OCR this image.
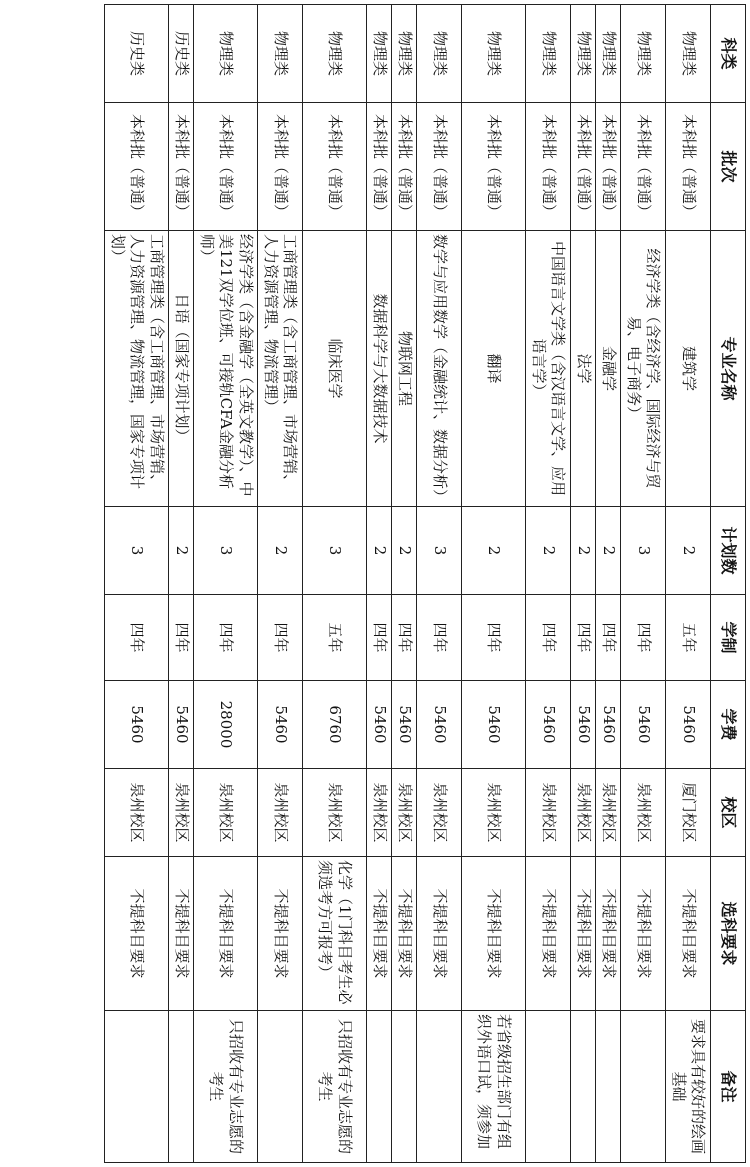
科类	批次	专业名称	计划数	学制	学费	校区	选科要求	备注
物理类	本科批（普通）	建筑学	2	五年	5460	厦门校区	不提科目要求	要求具有较好的绘画基础
物理类	本科批（普通）	经济学类（含经济学、国际经济与贸易、电子商务）	3	四年	5460	泉州校区	不提科目要求	
物理类	本科批（普通）	金融学	2	四年	5460	泉州校区	不提科目要求	
物理类	本科批（普通）	法学	2	四年	5460	泉州校区	不提科目要求	
物理类	本科批（普通）	中国语言文学类（含汉语言文学、应用语言学）	2	四年	5460	泉州校区	不提科目要求	
物理类	本科批（普通）	翻译	2	四年	5460	泉州校区	不提科目要求	若省级招生部门有组织外语口试，须参加
物理类	本科批（普通）	数学与应用数学（金融统计、数据分析）	3	四年	5460	泉州校区	不提科目要求	
物理类	本科批（普通）	物联网工程	2	四年	5460	泉州校区	不提科目要求	
物理类	本科批（普通）	数据科学与大数据技术	2	四年	5460	泉州校区	不提科目要求	
物理类	本科批（普通）	临床医学	3	五年	6760	泉州校区	化学（1门科目考生必须选考方可报考）	只招收有专业志愿的考生
物理类	本科批（普通）	工商管理类（含工商管理、市场营销、人力资源管理、物流管理）	2	四年	5460	泉州校区	不提科目要求	
物理类	本科批（普通）	经济学类（含金融学（全英文教学）、中美121双学位班、可接轨CFA金融分析师）	3	四年	28000	泉州校区	不提科目要求	只招收有专业志愿的考生
历史类	本科批（普通）	日语（国家专项计划）	2	四年	5460	泉州校区	不提科目要求	
历史类	本科批（普通）	工商管理类（含工商管理、市场营销、人力资源管理、物流管理，国家专项计划）	3	四年	5460	泉州校区	不提科目要求	
